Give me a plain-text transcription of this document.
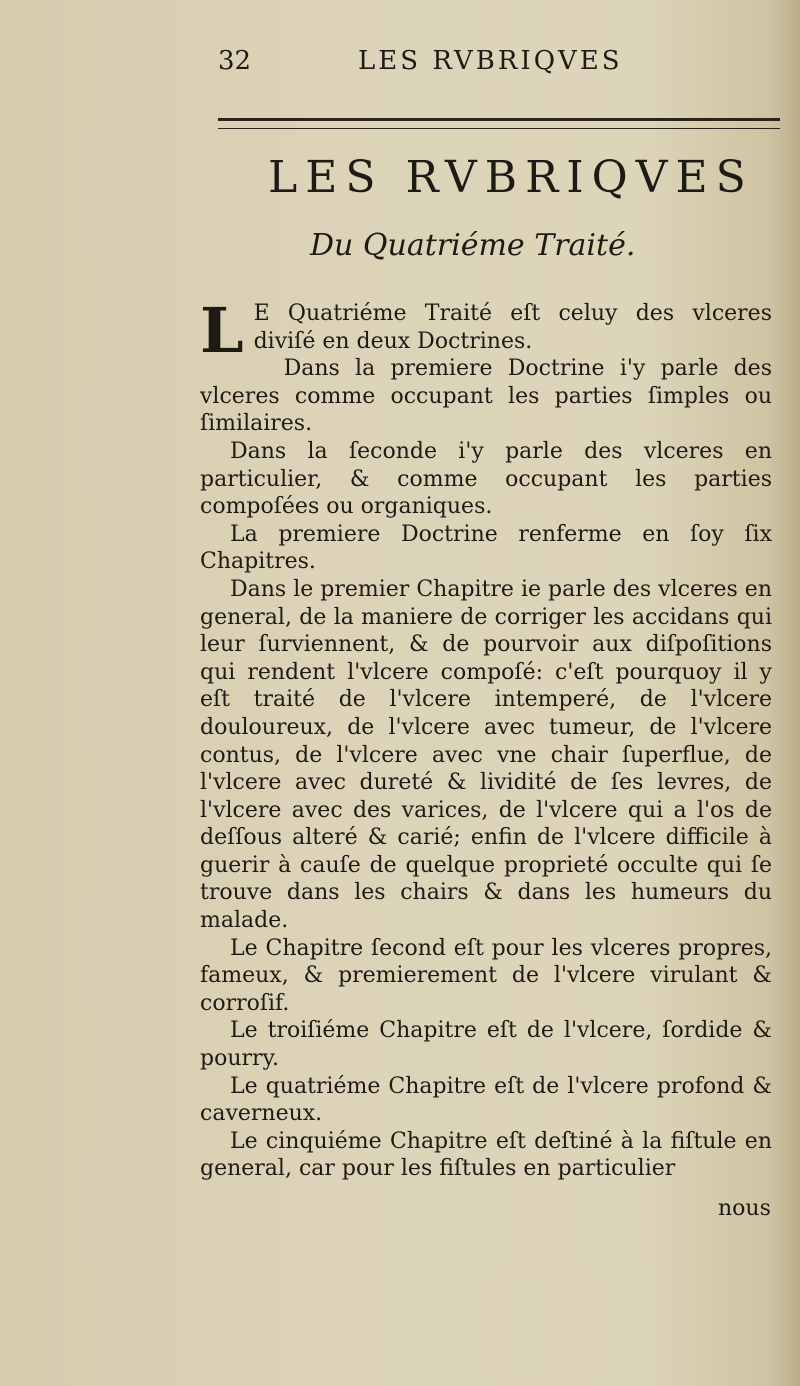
32	LES RVBRIQVES
LES RVBRIQVES
Du Quatriéme Traité.

L E Quatriéme Traité eſt celuy des vlceres diviſé en deux Doctrines.

Dans la premiere Doctrine i'y parle des vlceres comme occupant les parties ſimples ou ſimilaires.

Dans la ſeconde i'y parle des vlceres en particulier, & comme occupant les parties compoſées ou organiques.

La premiere Doctrine renferme en ſoy ſix Chapitres.

Dans le premier Chapitre ie parle des vlceres en general, de la maniere de corriger les accidans qui leur ſurviennent, & de pourvoir aux diſpoſitions qui rendent l'vlcere compoſé: c'eſt pourquoy il y eſt traité de l'vlcere intemperé, de l'vlcere douloureux, de l'vlcere avec tumeur, de l'vlcere contus, de l'vlcere avec vne chair ſuperflue, de l'vlcere avec dureté & lividité de ſes levres, de l'vlcere avec des varices, de l'vlcere qui a l'os de deſſous alteré & carié; enfin de l'vlcere difficile à guerir à cauſe de quelque proprieté occulte qui ſe trouve dans les chairs & dans les humeurs du malade.

Le Chapitre ſecond eſt pour les vlceres propres, fameux, & premierement de l'vlcere virulant & corroſif.

Le troiſiéme Chapitre eſt de l'vlcere, ſordide & pourry.

Le quatriéme Chapitre eſt de l'vlcere profond & caverneux.

Le cinquiéme Chapitre eſt deſtiné à la fiſtule en general, car pour les fiſtules en particulier

nous
